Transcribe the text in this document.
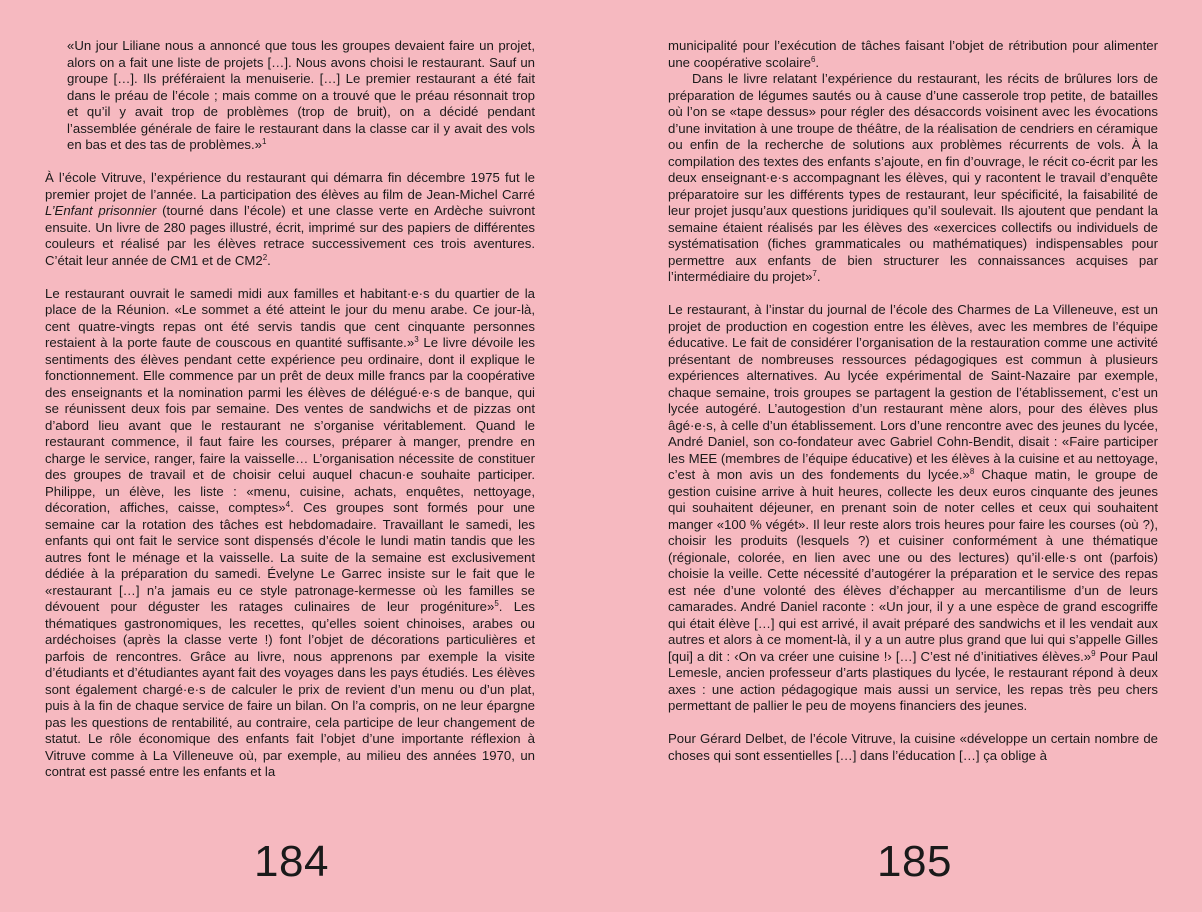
«Un jour Liliane nous a annoncé que tous les groupes devaient faire un projet, alors on a fait une liste de projets […]. Nous avons choisi le restaurant. Sauf un groupe […]. Ils préféraient la menuiserie. […] Le premier restaurant a été fait dans le préau de l’école ; mais comme on a trouvé que le préau résonnait trop et qu’il y avait trop de problèmes (trop de bruit), on a décidé pendant l’assemblée générale de faire le restaurant dans la classe car il y avait des vols en bas et des tas de problèmes.»$^1$

À l’école Vitruve, l’expérience du restaurant qui démarra fin décembre 1975 fut le premier projet de l’année. La participation des élèves au film de Jean-Michel Carré L’Enfant prisonnier (tourné dans l’école) et une classe verte en Ardèche suivront ensuite. Un livre de 280 pages illustré, écrit, imprimé sur des papiers de différentes couleurs et réalisé par les élèves retrace successivement ces trois aventures. C’était leur année de CM1 et de $CM2^2$.

Le restaurant ouvrait le samedi midi aux familles et habitant·e·s du quartier de la place de la Réunion. «Le sommet a été atteint le jour du menu arabe. Ce jour-là, cent quatre-vingts repas ont été servis tandis que cent cinquante personnes restaient à la porte faute de couscous en quantité suffisante.»$^3$ Le livre dévoile les sentiments des élèves pendant cette expérience peu ordinaire, dont il explique le fonctionnement. Elle commence par un prêt de deux mille francs par la coopérative des enseignants et la nomination parmi les élèves de délégué·e·s de banque, qui se réunissent deux fois par semaine. Des ventes de sandwichs et de pizzas ont d’abord lieu avant que le restaurant ne s’organise véritablement. Quand le restaurant commence, il faut faire les courses, préparer à manger, prendre en charge le service, ranger, faire la vaisselle… L’organisation nécessite de constituer des groupes de travail et de choisir celui auquel chacun·e souhaite participer. Philippe, un élève, les liste : «menu, cuisine, achats, enquêtes, nettoyage, décoration, affiches, caisse, comptes»$^4$. Ces groupes sont formés pour une semaine car la rotation des tâches est hebdomadaire. Travaillant le samedi, les enfants qui ont fait le service sont dispensés d’école le lundi matin tandis que les autres font le ménage et la vaisselle. La suite de la semaine est exclusivement dédiée à la préparation du samedi. Évelyne Le Garrec insiste sur le fait que le «restaurant […] n’a jamais eu ce style patronage-kermesse où les familles se dévouent pour déguster les ratages culinaires de leur progéniture»$^5$. Les thématiques gastronomiques, les recettes, qu’elles soient chinoises, arabes ou ardéchoises (après la classe verte !) font l’objet de décorations particulières et parfois de rencontres. Grâce au livre, nous apprenons par exemple la visite d’étudiants et d’étudiantes ayant fait des voyages dans les pays étudiés. Les élèves sont également chargé·e·s de calculer le prix de revient d’un menu ou d’un plat, puis à la fin de chaque service de faire un bilan. On l’a compris, on ne leur épargne pas les questions de rentabilité, au contraire, cela participe de leur changement de statut. Le rôle économique des enfants fait l’objet d’une importante réflexion à Vitruve comme à La Villeneuve où, par exemple, au milieu des années 1970, un contrat est passé entre les enfants et la

municipalité pour l’exécution de tâches faisant l’objet de rétribution pour alimenter une coopérative scolaire$^6$.

Dans le livre relatant l’expérience du restaurant, les récits de brûlures lors de préparation de légumes sautés ou à cause d’une casserole trop petite, de batailles où l’on se «tape dessus» pour régler des désaccords voisinent avec les évocations d’une invitation à une troupe de théâtre, de la réalisation de cendriers en céramique ou enfin de la recherche de solutions aux problèmes récurrents de vols. À la compilation des textes des enfants s’ajoute, en fin d’ouvrage, le récit co-écrit par les deux enseignant·e·s accompagnant les élèves, qui y racontent le travail d’enquête préparatoire sur les différents types de restaurant, leur spécificité, la faisabilité de leur projet jusqu’aux questions juridiques qu’il soulevait. Ils ajoutent que pendant la semaine étaient réalisés par les élèves des «exercices collectifs ou individuels de systématisation (fiches grammaticales ou mathématiques) indispensables pour permettre aux enfants de bien structurer les connaissances acquises par l’intermédiaire du projet»$^7$.

Le restaurant, à l’instar du journal de l’école des Charmes de La Villeneuve, est un projet de production en cogestion entre les élèves, avec les membres de l’équipe éducative. Le fait de considérer l’organisation de la restauration comme une activité présentant de nombreuses ressources pédagogiques est commun à plusieurs expériences alternatives. Au lycée expérimental de Saint-Nazaire par exemple, chaque semaine, trois groupes se partagent la gestion de l’établissement, c’est un lycée autogéré. L’autogestion d’un restaurant mène alors, pour des élèves plus âgé·e·s, à celle d’un établissement. Lors d’une rencontre avec des jeunes du lycée, André Daniel, son co-fondateur avec Gabriel Cohn-Bendit, disait : «Faire participer les MEE (membres de l’équipe éducative) et les élèves à la cuisine et au nettoyage, c’est à mon avis un des fondements du lycée.»$^8$ Chaque matin, le groupe de gestion cuisine arrive à huit heures, collecte les deux euros cinquante des jeunes qui souhaitent déjeuner, en prenant soin de noter celles et ceux qui souhaitent manger «100 % végét». Il leur reste alors trois heures pour faire les courses (où ?), choisir les produits (lesquels ?) et cuisiner conformément à une thématique (régionale, colorée, en lien avec une ou des lectures) qu’il·elle·s ont (parfois) choisie la veille. Cette nécessité d’autogérer la préparation et le service des repas est née d’une volonté des élèves d’échapper au mercantilisme d’un de leurs camarades. André Daniel raconte : «Un jour, il y a une espèce de grand escogriffe qui était élève […] qui est arrivé, il avait préparé des sandwichs et il les vendait aux autres et alors à ce moment-là, il y a un autre plus grand que lui qui s’appelle Gilles [qui] a dit : ‹On va créer une cuisine !› […] C’est né d’initiatives élèves.»$^9$ Pour Paul Lemesle, ancien professeur d’arts plastiques du lycée, le restaurant répond à deux axes : une action pédagogique mais aussi un service, les repas très peu chers permettant de pallier le peu de moyens financiers des jeunes.

Pour Gérard Delbet, de l’école Vitruve, la cuisine «développe un certain nombre de choses qui sont essentielles […] dans l’éducation […] ça oblige à

184	185
